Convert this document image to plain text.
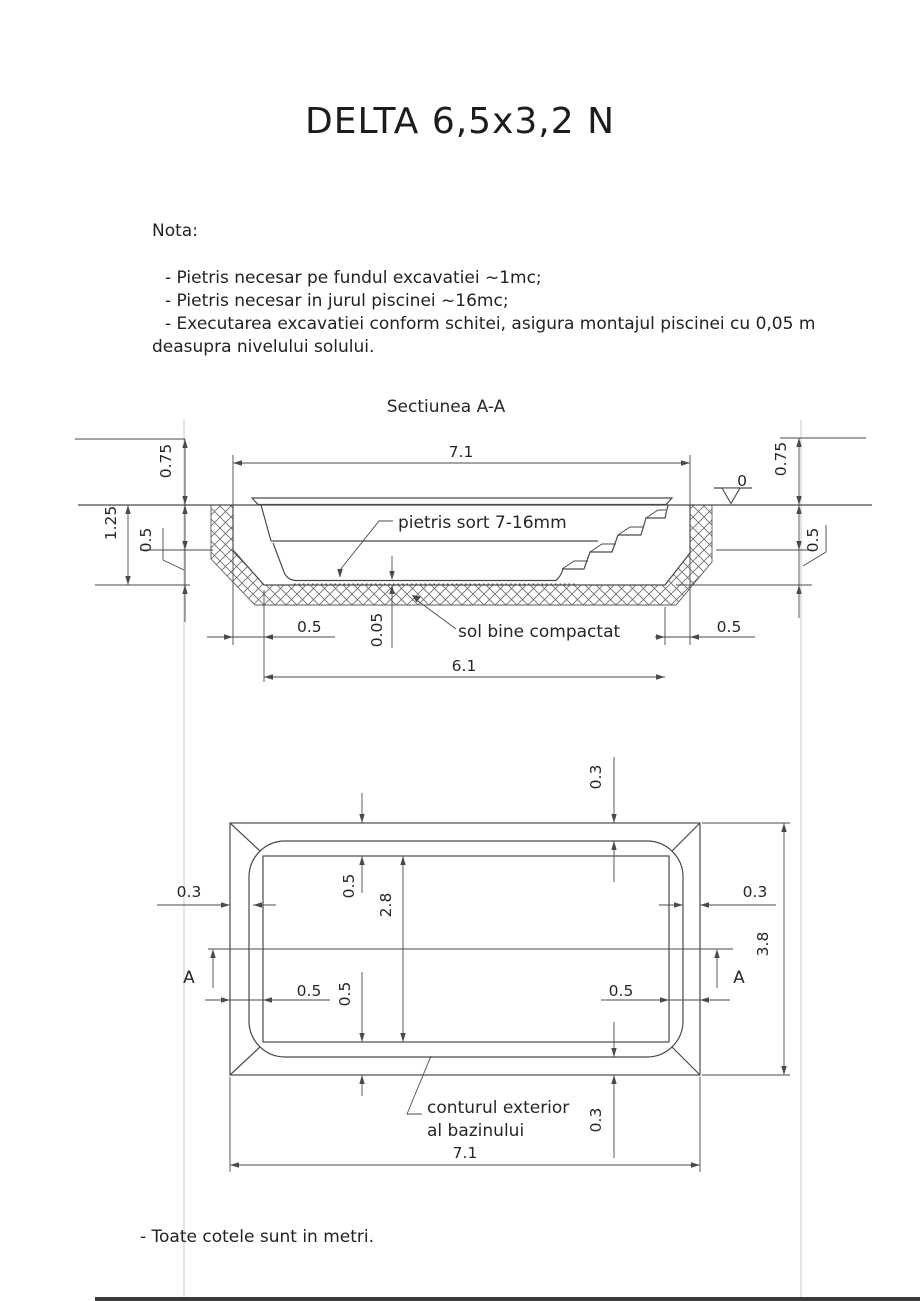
DELTA 6,5x3,2 N
Nota:
- Pietris necesar pe fundul excavatiei ~1mc;
- Pietris necesar in jurul piscinei ~16mc;
- Executarea excavatiei conform schitei, asigura montajul piscinei cu 0,05 m
deasupra nivelului solului.
Sectiunea A-A
0
7.1
0.75
0.5
1.25
0.75
0.5
0.5	0.5
0.05
6.1
pietris sort 7-16mm
sol bine compactat
0.3
0.3	0.3
0.5
2.8
3.8
0.5 0.5	0.5
0.3
7.1
A	A
conturul exterior
al bazinului
- Toate cotele sunt in metri.
